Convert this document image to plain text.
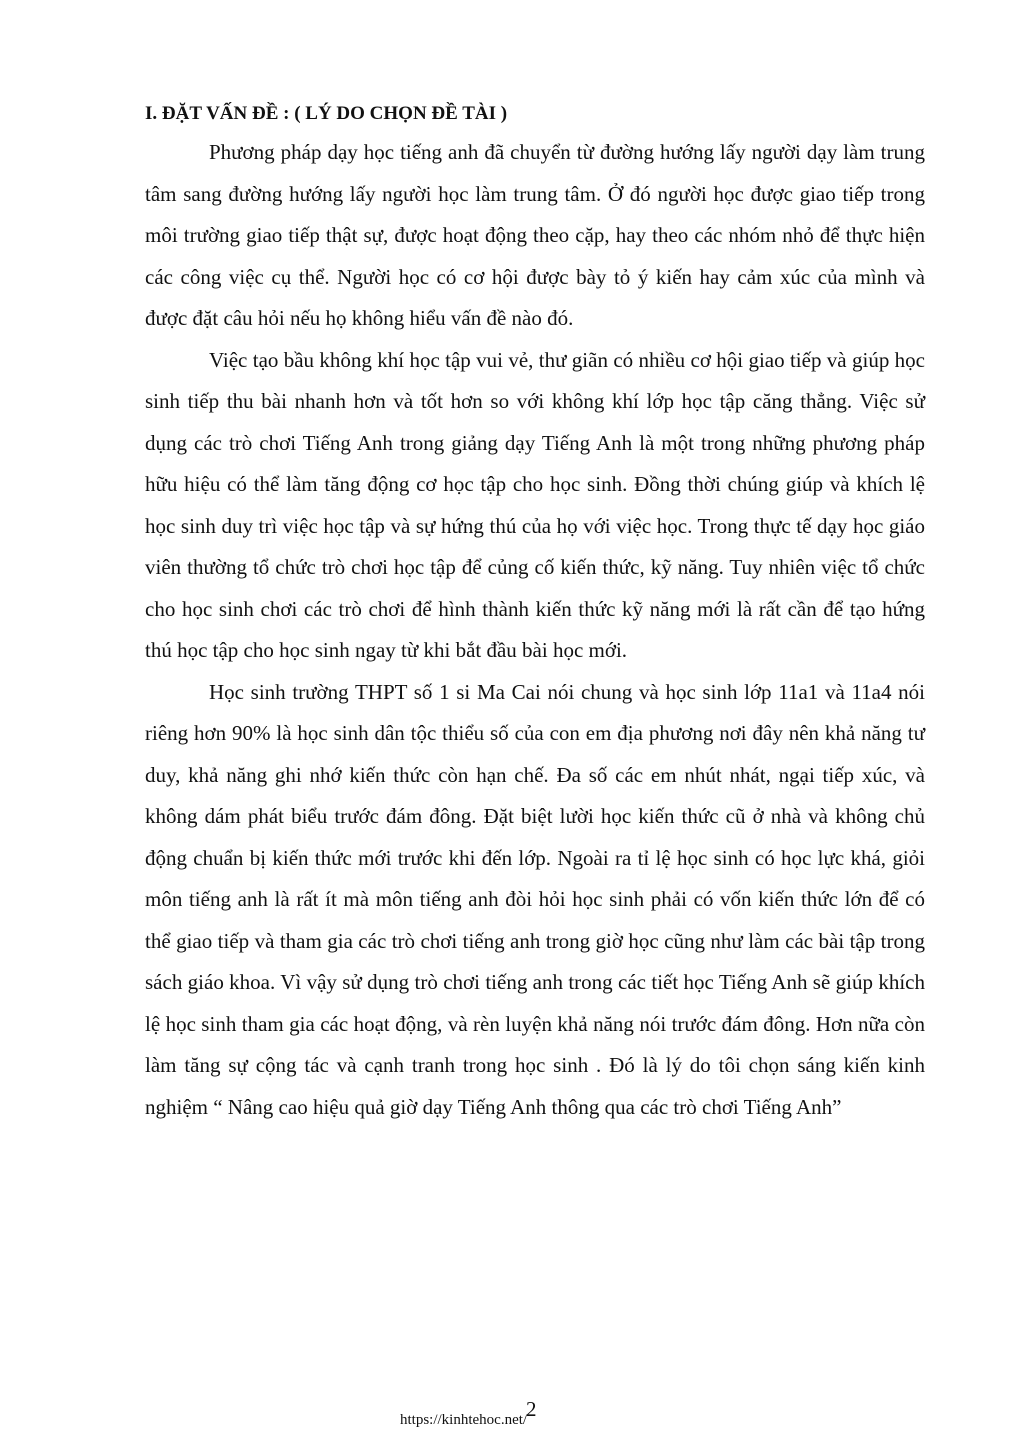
I. ĐẶT VẤN ĐỀ : ( LÝ DO CHỌN ĐỀ TÀI )

Phương pháp dạy học tiếng anh đã chuyển từ đường hướng lấy người dạy làm trung tâm sang đường hướng lấy người học làm trung tâm. Ở đó người học được giao tiếp trong môi trường giao tiếp thật sự, được hoạt động theo cặp, hay theo các nhóm nhỏ để thực hiện các công việc cụ thể. Người học có cơ hội được bày tỏ ý kiến hay cảm xúc của mình và được đặt câu hỏi nếu họ không hiểu vấn đề nào đó.

Việc tạo bầu không khí học tập vui vẻ, thư giãn có nhiều cơ hội giao tiếp và giúp học sinh tiếp thu bài nhanh hơn và tốt hơn so với không khí lớp học tập căng thẳng. Việc sử dụng các trò chơi Tiếng Anh trong giảng dạy Tiếng Anh là một trong những phương pháp hữu hiệu có thể làm tăng động cơ học tập cho học sinh. Đồng thời chúng giúp và khích lệ học sinh duy trì việc học tập và sự hứng thú của họ với việc học. Trong thực tế dạy học giáo viên thường tổ chức trò chơi học tập để củng cố kiến thức, kỹ năng. Tuy nhiên việc tổ chức cho học sinh chơi các trò chơi để hình thành kiến thức kỹ năng mới là rất cần để tạo hứng thú học tập cho học sinh ngay từ khi bắt đầu bài học mới.

Học sinh trường THPT số 1 si Ma Cai nói chung và học sinh lớp 11a1 và 11a4 nói riêng hơn 90% là học sinh dân tộc thiểu số của con em địa phương nơi đây nên khả năng tư duy, khả năng ghi nhớ kiến thức còn hạn chế. Đa số các em nhút nhát, ngại tiếp xúc, và không dám phát biểu trước đám đông. Đặt biệt lười học kiến thức cũ ở nhà và không chủ động chuẩn bị kiến thức mới trước khi đến lớp. Ngoài ra tỉ lệ học sinh có học lực khá, giỏi môn tiếng anh là rất ít mà môn tiếng anh đòi hỏi học sinh phải có vốn kiến thức lớn để có thể giao tiếp và tham gia các trò chơi tiếng anh trong giờ học cũng như làm các bài tập trong sách giáo khoa. Vì vậy sử dụng trò chơi tiếng anh trong các tiết học Tiếng Anh sẽ giúp khích lệ học sinh tham gia các hoạt động, và rèn luyện khả năng nói trước đám đông. Hơn nữa còn làm tăng sự cộng tác và cạnh tranh trong học sinh . Đó là lý do tôi chọn sáng kiến kinh nghiệm “ Nâng cao hiệu quả giờ dạy Tiếng Anh thông qua các trò chơi Tiếng Anh”

2
https://kinhtehoc.net/
